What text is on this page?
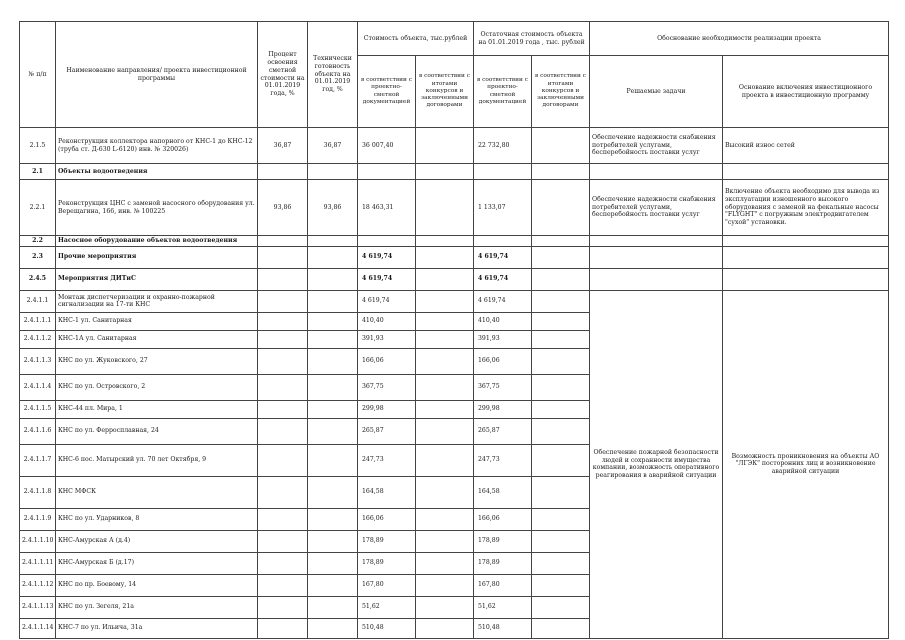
№ п/п	Наименование направления/ проекта инвестиционной программы	Процент освоения сметной стоимости на 01.01.2019 года, %	Технически готовность объекта на 01.01.2019 год, %	Стоимость объекта, тыс.рублей		Остаточная стоимость объекта на 01.01.2019 года , тыс. рублей		Обоснование необходимости реализации проекта	
				в соответствии с проектно-сметной документацией	в соответствии с итогами конкурсов и заключенными договорами	в соответствии с проектно-сметной документацией	в соответствии с итогами конкурсов и заключенными договорами	Решаемые задачи	Основание включения инвестиционного проекта в инвестиционную программу
2.1.5	Реконструкция коллектора напорного от КНС-1 до КНС-12 (труба ст. Д-630 L-6120) инв. № 320026)	36,87	36,87	36 007,40		22 732,80		Обеспечение надежности снабжения потребителей услугами, бесперебойность поставки услуг	Высокий износ сетей
2.1	Объекты водоотведения								
2.2.1	Реконструкция ЦНС с заменой насосного оборудования ул. Верещагина, 166, инв. № 100225	93,86	93,86	18 463,31		1 133,07		Обеспечение надежности снабжения потребителей услугами, бесперебойность поставки услуг	Включение объекта необходимо для вывода из эксплуатации изношенного высокого оборудования с заменой на фекальные насосы "FLYGHT" с погружным электродвигателем "сухой" установки.
2.2	Насосное оборудование объектов водоотведения								
2.3	Прочие мероприятия			4 619,74		4 619,74			
2.4.5	Мероприятия ДИТиС			4 619,74		4 619,74			
2.4.1.1	Монтаж диспетчеризации и охранно-пожарной сигнализации на 17-ти КНС			4 619,74		4 619,74		Обеспечение пожарной безопасности людей и сохранности имущества компании, возможность оперативного реагирования в аварийной ситуации	Возможность проникновения на объекты АО "ЛГЭК" посторонних лиц и возникновение аварийной ситуации
2.4.1.1.1	КНС-1 ул. Санитарная			410,40		410,40			
2.4.1.1.2	КНС-1А ул. Санитарная			391,93		391,93			
2.4.1.1.3	КНС по ул. Жуковского, 27			166,06		166,06			
2.4.1.1.4	КНС по ул. Островского, 2			367,75		367,75			
2.4.1.1.5	КНС-44 пл. Мира, 1			299,98		299,98			
2.4.1.1.6	КНС по ул. Ферросплавная, 24			265,87		265,87			
2.4.1.1.7	КНС-6 пос. Матырский ул. 70 лет Октября, 9			247,73		247,73			
2.4.1.1.8	КНС МФСК			164,58		164,58			
2.4.1.1.9	КНС по ул. Ударников, 8			166,06		166,06			
2.4.1.1.10	КНС-Амурская А (д.4)			178,89		178,89			
2.4.1.1.11	КНС-Амурская Б (д.17)			178,89		178,89			
2.4.1.1.12	КНС по пр. Боевому, 14			167,80		167,80			
2.4.1.1.13	КНС по ул. Зегеля, 21а			51,62		51,62			
2.4.1.1.14	КНС-7 по ул. Ильича, 31а			510,48		510,48			
